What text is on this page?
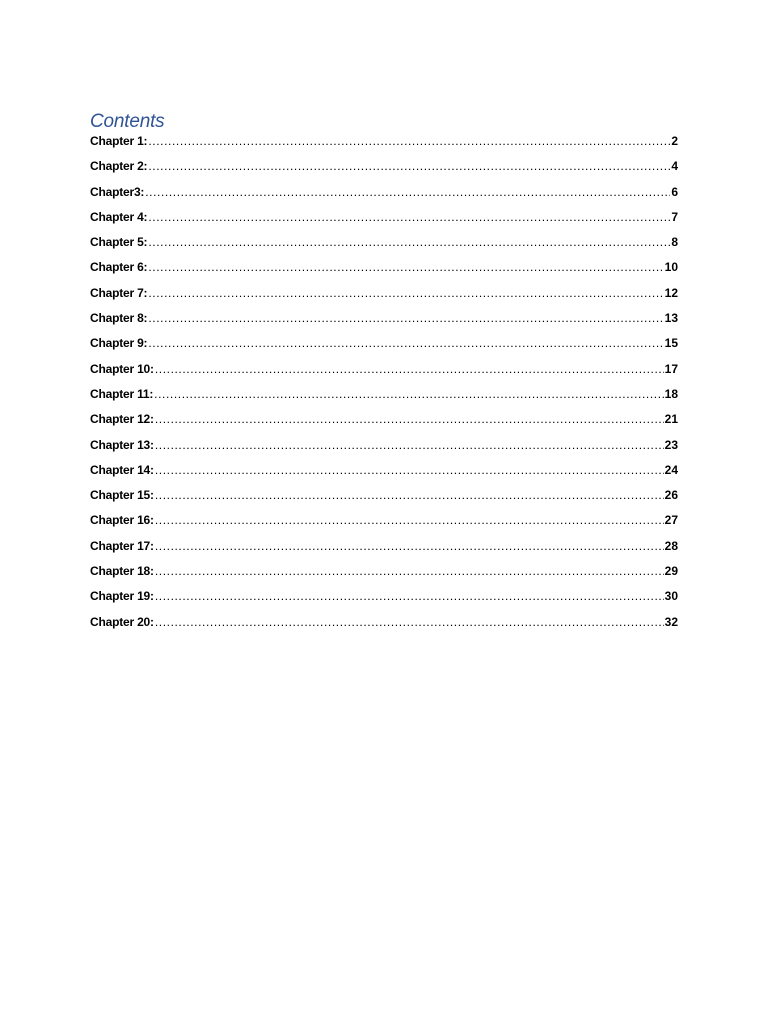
Contents
Chapter 1: .....	2
Chapter 2: .....	4
Chapter3: .....	6
Chapter 4: .....	7
Chapter 5: .....	8
Chapter 6: .....	10
Chapter 7: .....	12
Chapter 8: .....	13
Chapter 9: .....	15
Chapter 10: .....	17
Chapter 11: .....	18
Chapter 12: .....	21
Chapter 13: .....	23
Chapter 14: .....	24
Chapter 15: .....	26
Chapter 16: .....	27
Chapter 17: .....	28
Chapter 18: .....	29
Chapter 19: .....	30
Chapter 20: .....	32
